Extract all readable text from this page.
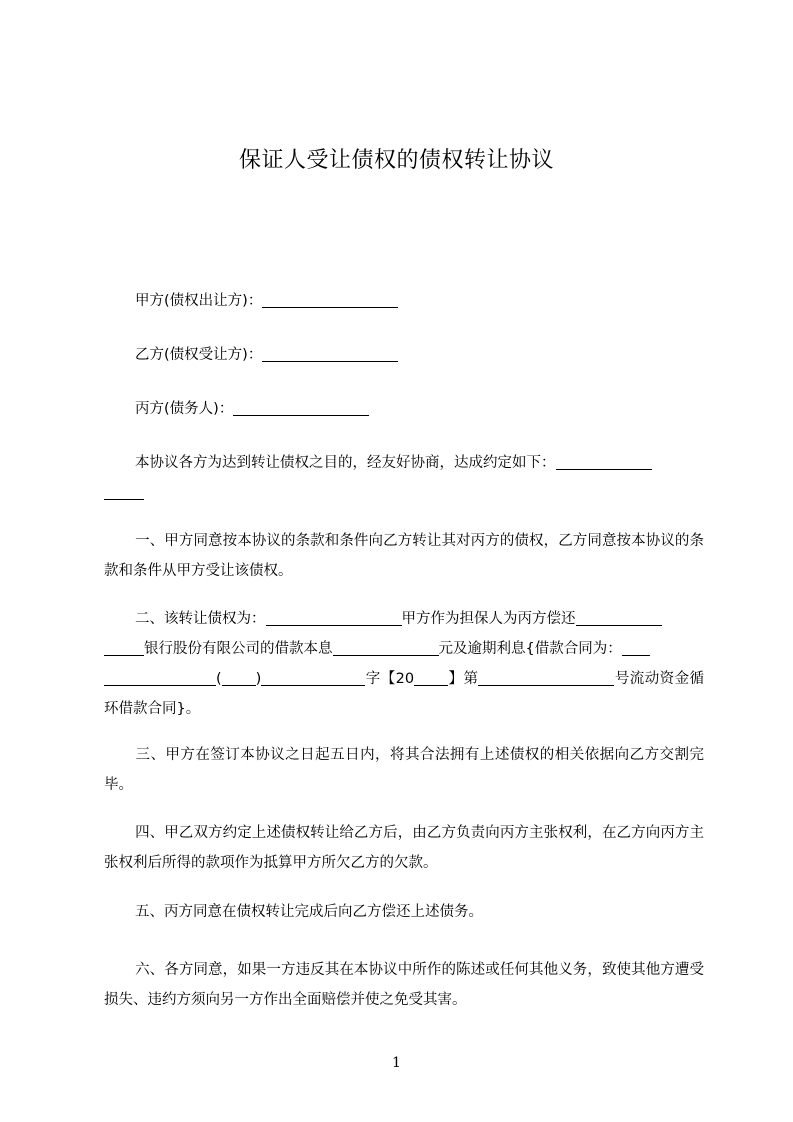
保证人受让债权的债权转让协议
甲方(债权出让方)：
乙方(债权受让方)：
丙方(债务人)：
本协议各方为达到转让债权之目的，经友好协商，达成约定如下：

一、甲方同意按本协议的条款和条件向乙方转让其对丙方的债权，乙方同意按本协议的条款和条件从甲方受让该债权。
二、该转让债权为：	甲方作为担保人为丙方偿还
银行股份有限公司的借款本息	元及逾期利息{借款合同为：
( )	字【20 】第	号流动资金循环借款合同}。
三、甲方在签订本协议之日起五日内，将其合法拥有上述债权的相关依据向乙方交割完毕。
四、甲乙双方约定上述债权转让给乙方后，由乙方负责向丙方主张权利，在乙方向丙方主张权利后所得的款项作为抵算甲方所欠乙方的欠款。
五、丙方同意在债权转让完成后向乙方偿还上述债务。
六、各方同意，如果一方违反其在本协议中所作的陈述或任何其他义务，致使其他方遭受损失、违约方须向另一方作出全面赔偿并使之免受其害。
1
